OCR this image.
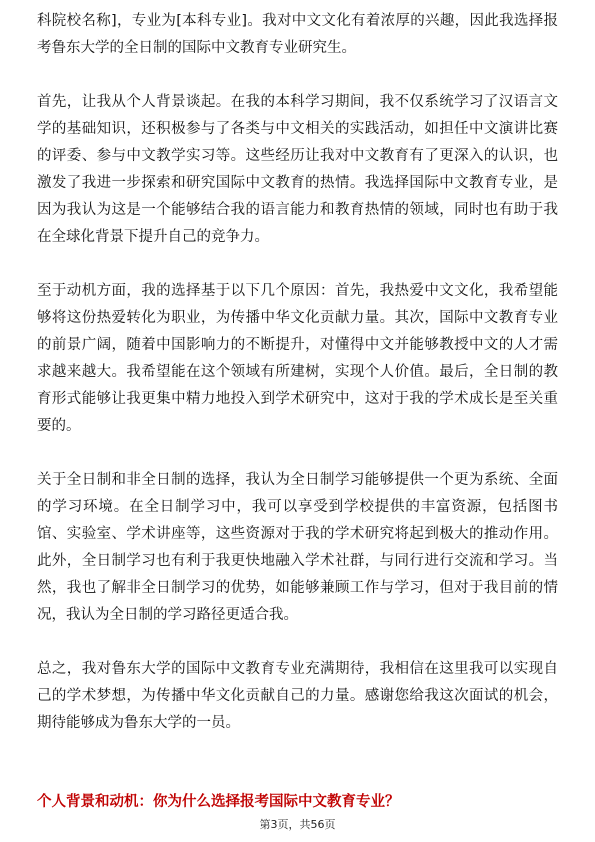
科院校名称]，专业为[本科专业]。我对中文文化有着浓厚的兴趣，因此我选择报考鲁东大学的全日制的国际中文教育专业研究生。

首先，让我从个人背景谈起。在我的本科学习期间，我不仅系统学习了汉语言文学的基础知识，还积极参与了各类与中文相关的实践活动，如担任中文演讲比赛的评委、参与中文教学实习等。这些经历让我对中文教育有了更深入的认识，也激发了我进一步探索和研究国际中文教育的热情。我选择国际中文教育专业，是因为我认为这是一个能够结合我的语言能力和教育热情的领域，同时也有助于我在全球化背景下提升自己的竞争力。

至于动机方面，我的选择基于以下几个原因：首先，我热爱中文文化，我希望能够将这份热爱转化为职业，为传播中华文化贡献力量。其次，国际中文教育专业的前景广阔，随着中国影响力的不断提升，对懂得中文并能够教授中文的人才需求越来越大。我希望能在这个领域有所建树，实现个人价值。最后，全日制的教育形式能够让我更集中精力地投入到学术研究中，这对于我的学术成长是至关重要的。

关于全日制和非全日制的选择，我认为全日制学习能够提供一个更为系统、全面的学习环境。在全日制学习中，我可以享受到学校提供的丰富资源，包括图书馆、实验室、学术讲座等，这些资源对于我的学术研究将起到极大的推动作用。此外，全日制学习也有利于我更快地融入学术社群，与同行进行交流和学习。当然，我也了解非全日制学习的优势，如能够兼顾工作与学习，但对于我目前的情况，我认为全日制的学习路径更适合我。

总之，我对鲁东大学的国际中文教育专业充满期待，我相信在这里我可以实现自己的学术梦想，为传播中华文化贡献自己的力量。感谢您给我这次面试的机会，期待能够成为鲁东大学的一员。

个人背景和动机：你为什么选择报考国际中文教育专业？
第3页，共56页
